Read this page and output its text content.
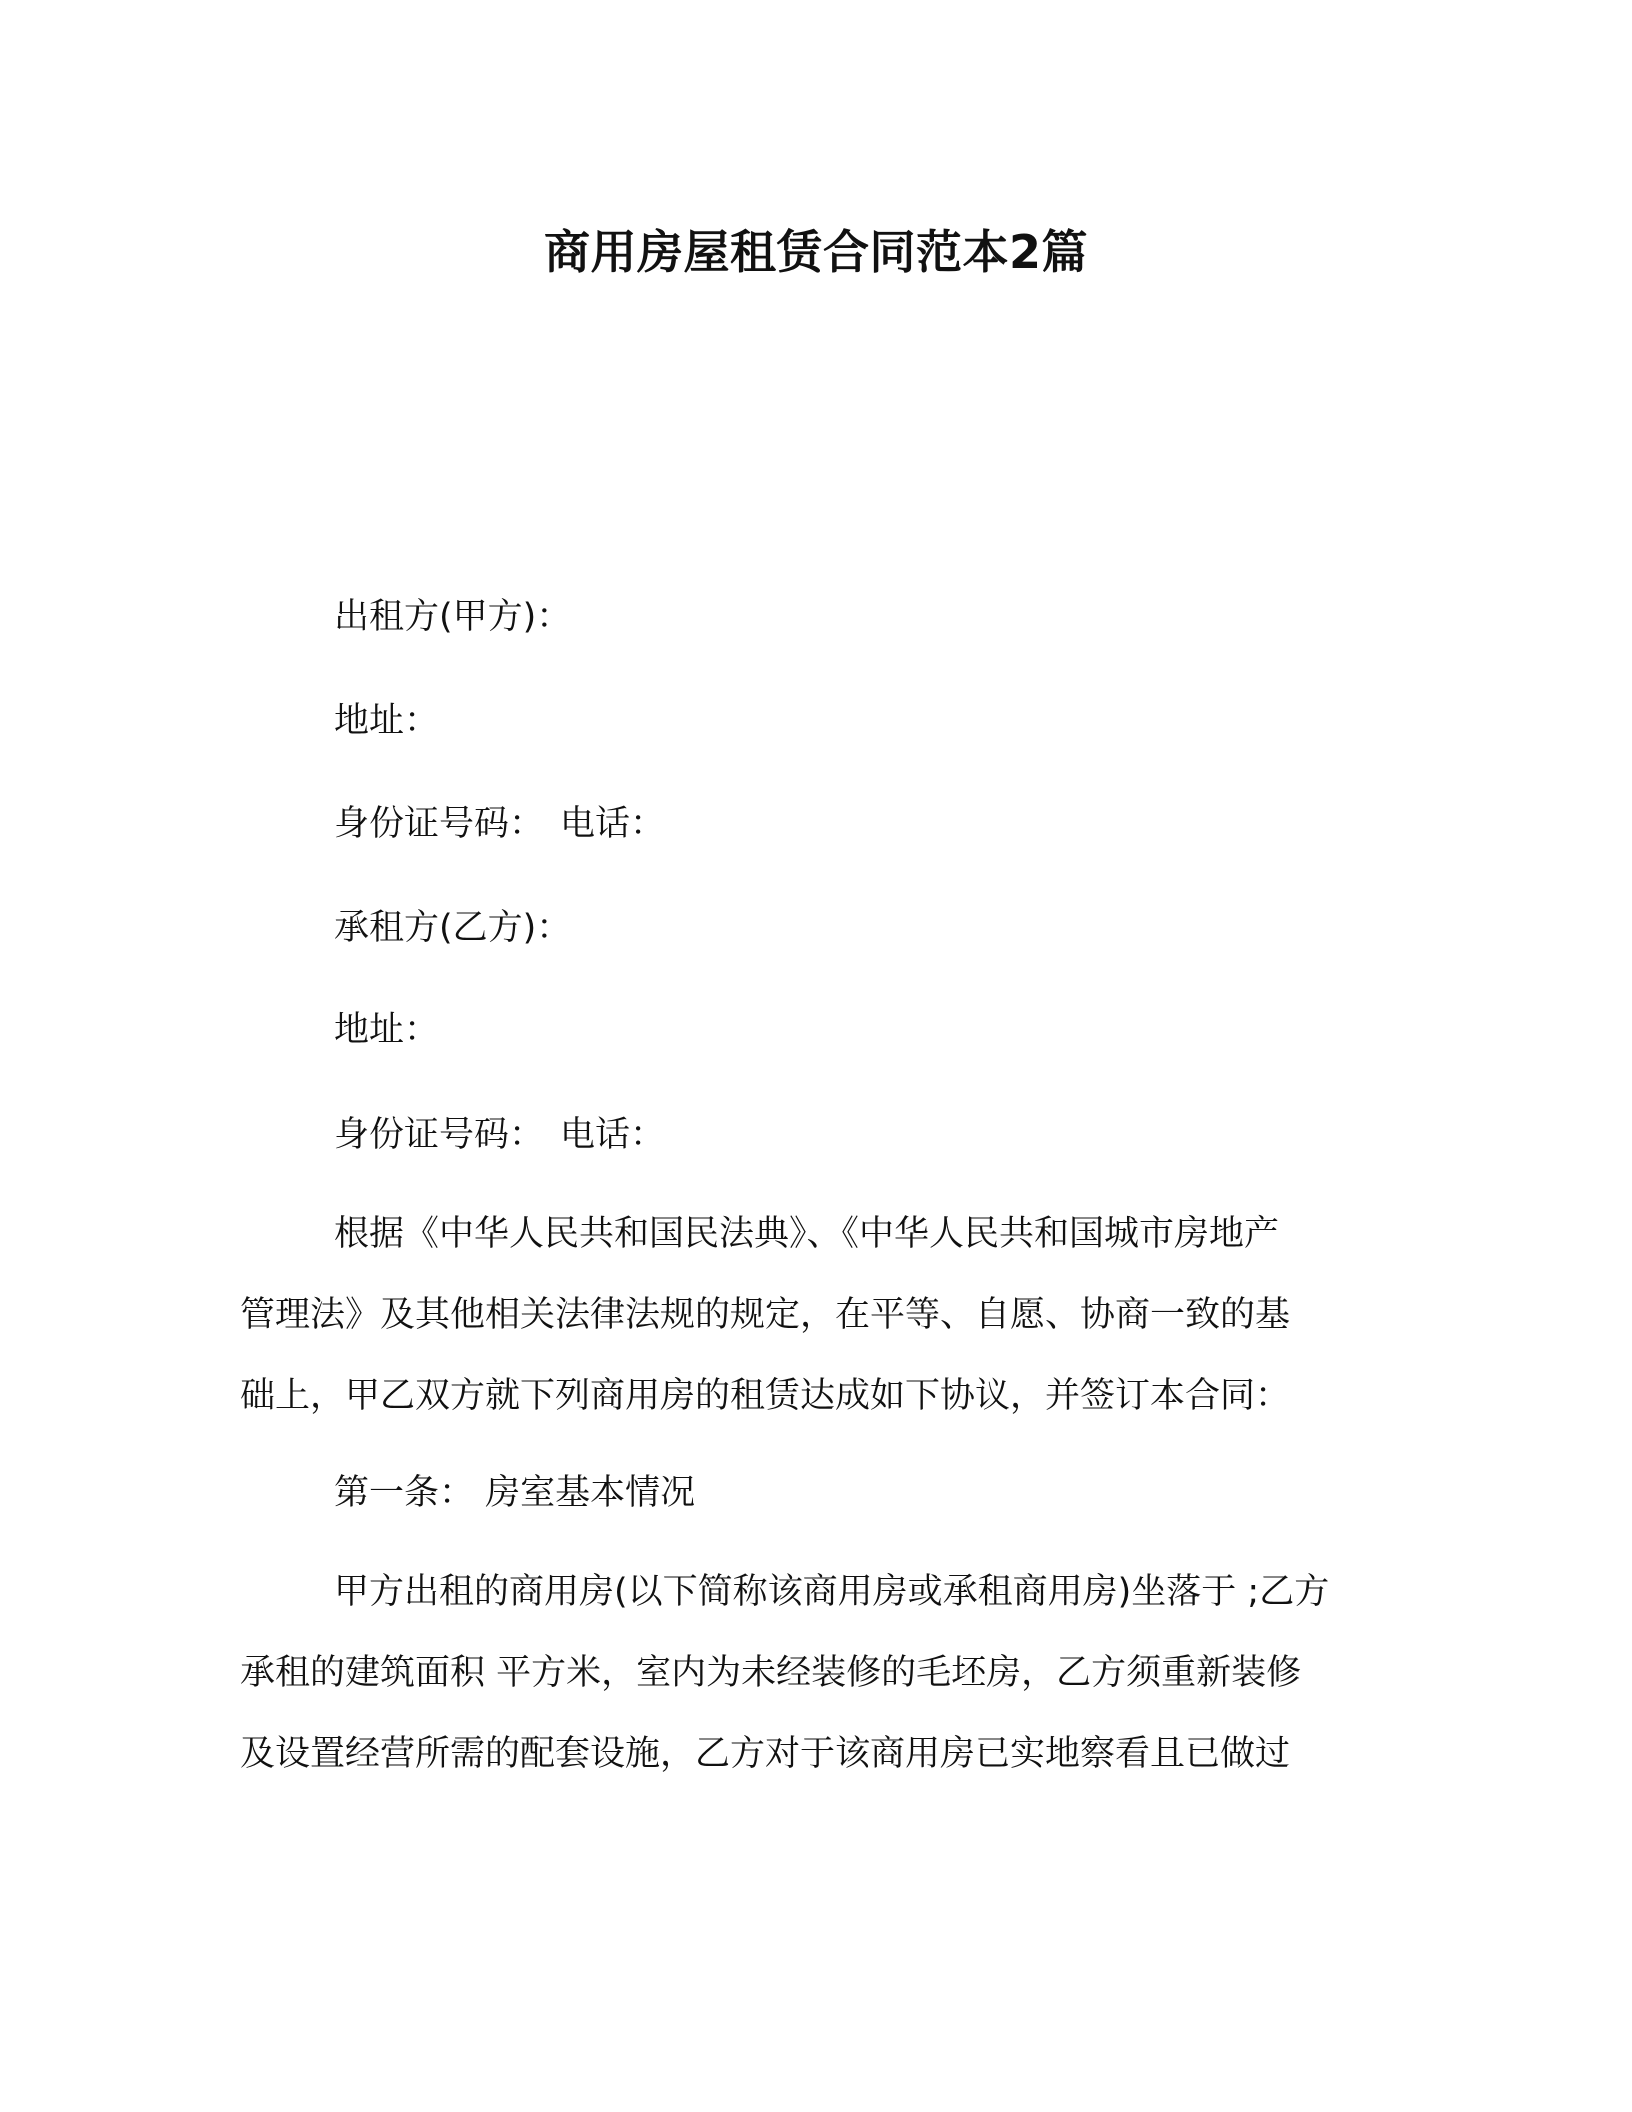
商用房屋租赁合同范本2篇
出租方(甲方)：
地址：
身份证号码： 电话：
承租方(乙方)：
地址：
身份证号码： 电话：
根据《中华人民共和国民法典》、《中华人民共和国城市房地产
管理法》及其他相关法律法规的规定，在平等、自愿、协商一致的基
础上，甲乙双方就下列商用房的租赁达成如下协议，并签订本合同：
第一条： 房室基本情况
甲方出租的商用房(以下简称该商用房或承租商用房)坐落于 ;乙方
承租的建筑面积 平方米，室内为未经装修的毛坯房，乙方须重新装修
及设置经营所需的配套设施，乙方对于该商用房已实地察看且已做过
